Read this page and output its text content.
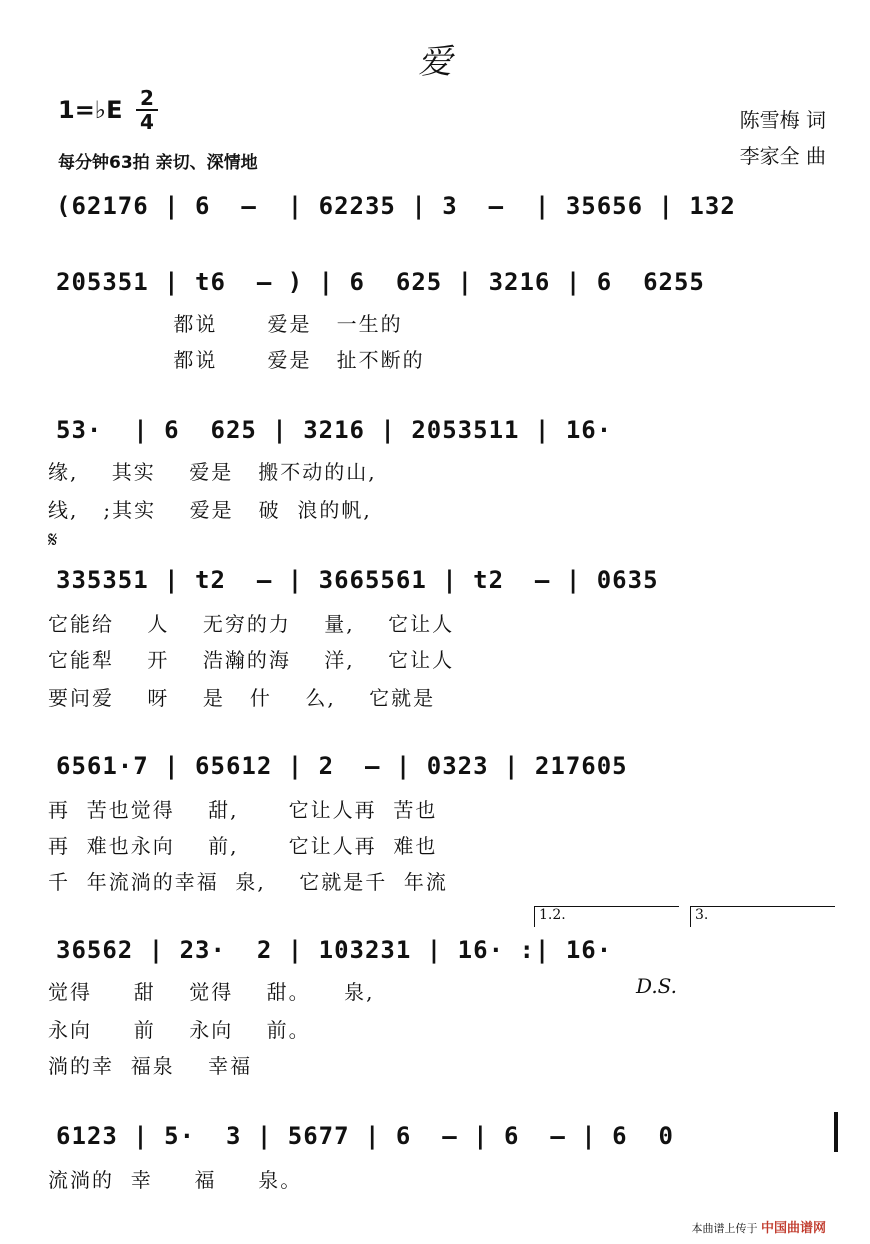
爱
1=♭E 2
4
每分钟63拍 亲切、深情地
陈雪梅 词
李家全 曲
(62176 | 6  –  | 62235 | 3  –  | 35656 | 132
205351 | t6  – ) | 6  625 | 3216 | 6  6255
都说      爱是   一生的
都说      爱是   扯不断的
53·  | 6  625 | 3216 | 2053511 | 16·
缘,    其实    爱是   搬不动的山,
线,   ;其实    爱是   破  浪的帆,
𝄋
335351 | t2  – | 3665561 | t2  – | 0635
它能给    人    无穷的力    量,    它让人
它能犁    开    浩瀚的海    洋,    它让人
要问爱    呀    是   什    么,    它就是
6561·7 | 65612 | 2  – | 0323 | 217605
再  苦也觉得    甜,      它让人再  苦也
再  难也永向    前,      它让人再  难也
千  年流淌的幸福  泉,    它就是千  年流
1.2.	3.
36562 | 23·  2 | 103231 | 16· :| 16·
觉得     甜    觉得    甜。    泉,	D.S.
永向     前    永向    前。
淌的幸  福泉    幸福
6123 | 5·  3 | 5677 | 6  – | 6  – | 6  0
流淌的  幸     福     泉。
本曲谱上传于 中国曲谱网
